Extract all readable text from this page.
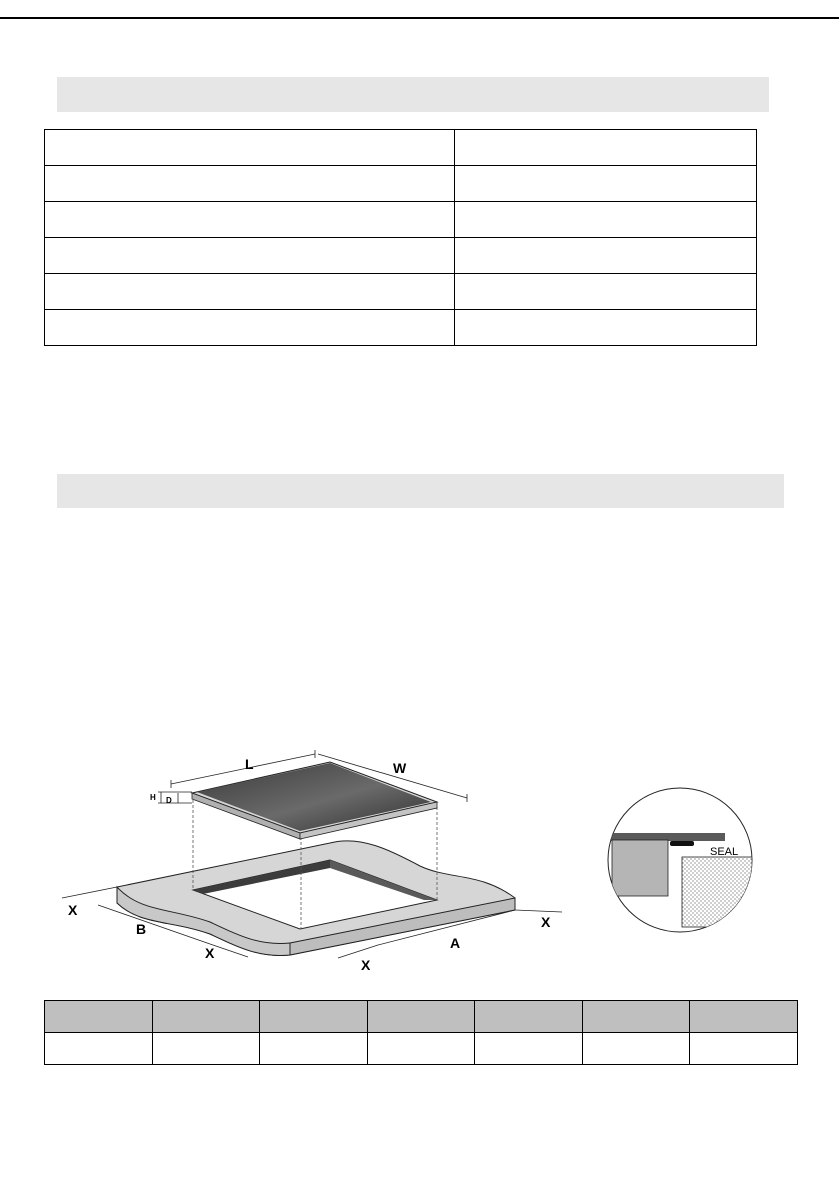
L	W
H D
X
B
X
A
X
X
SEAL
